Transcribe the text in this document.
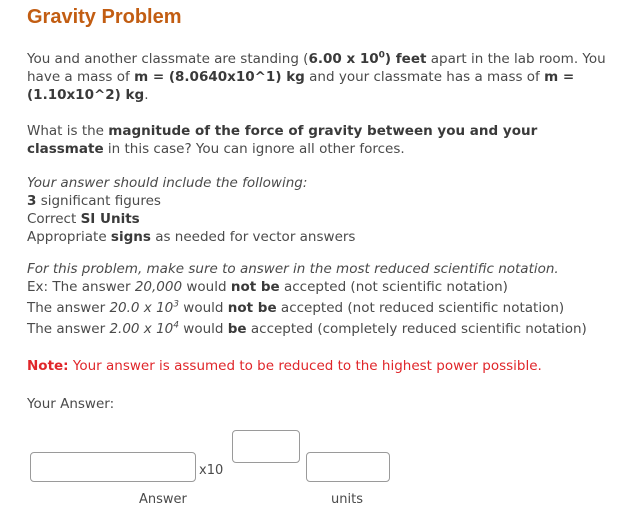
Gravity Problem
You and another classmate are standing (6.00 x $10^0$) feet apart in the lab room. You have a mass of m = (8.0640x10^1) kg and your classmate has a mass of m = (1.10x10^2) kg.
What is the magnitude of the force of gravity between you and your classmate in this case? You can ignore all other forces.
Your answer should include the following:
3 significant figures
Correct SI Units
Appropriate signs as needed for vector answers
For this problem, make sure to answer in the most reduced scientific notation.
Ex: The answer 20,000 would not be accepted (not scientific notation)
The answer 20.0 x $10^3$ would not be accepted (not reduced scientific notation)
The answer 2.00 x $10^4$ would be accepted (completely reduced scientific notation)
Note: Your answer is assumed to be reduced to the highest power possible.
Your Answer:
x10
Answer	units
